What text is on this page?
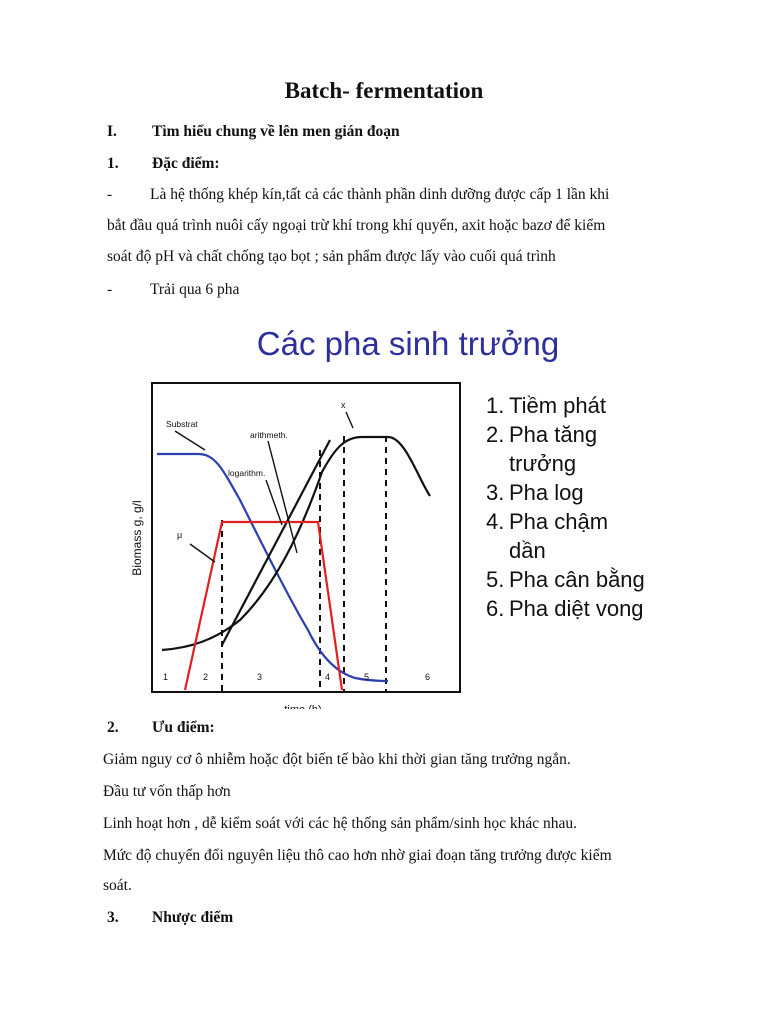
Batch- fermentation
I. Tìm hiểu chung về lên men gián đoạn
1. Đặc điểm:
- Là hệ thống khép kín,tất cả các thành phần dinh dưỡng được cấp 1 lần khi
bắt đầu quá trình nuôi cấy ngoại trừ khí trong khí quyển, axit hoặc bazơ để kiểm
soát độ pH và chất chống tạo bọt ; sản phẩm được lấy vào cuối quá trình
- Trải qua 6 pha
Các pha sinh trưởng
Substrat
arithmeth.
logarithm.
μ
x
Biomass g, g/l
1	2	3	4	5	6
1. Tiềm phát
2. Pha tăng
trưởng
3. Pha log
4. Pha chậm
dần
5. Pha cân bằng
6. Pha diệt vong
2. Ưu điểm:
Giảm nguy cơ ô nhiễm hoặc đột biến tế bào khi thời gian tăng trưởng ngắn.
Đầu tư vốn thấp hơn
Linh hoạt hơn , dễ kiểm soát với các hệ thống sản phẩm/sinh học khác nhau.
Mức độ chuyển đổi nguyên liệu thô cao hơn nhờ giai đoạn tăng trưởng được kiểm
soát.
3. Nhược điểm
